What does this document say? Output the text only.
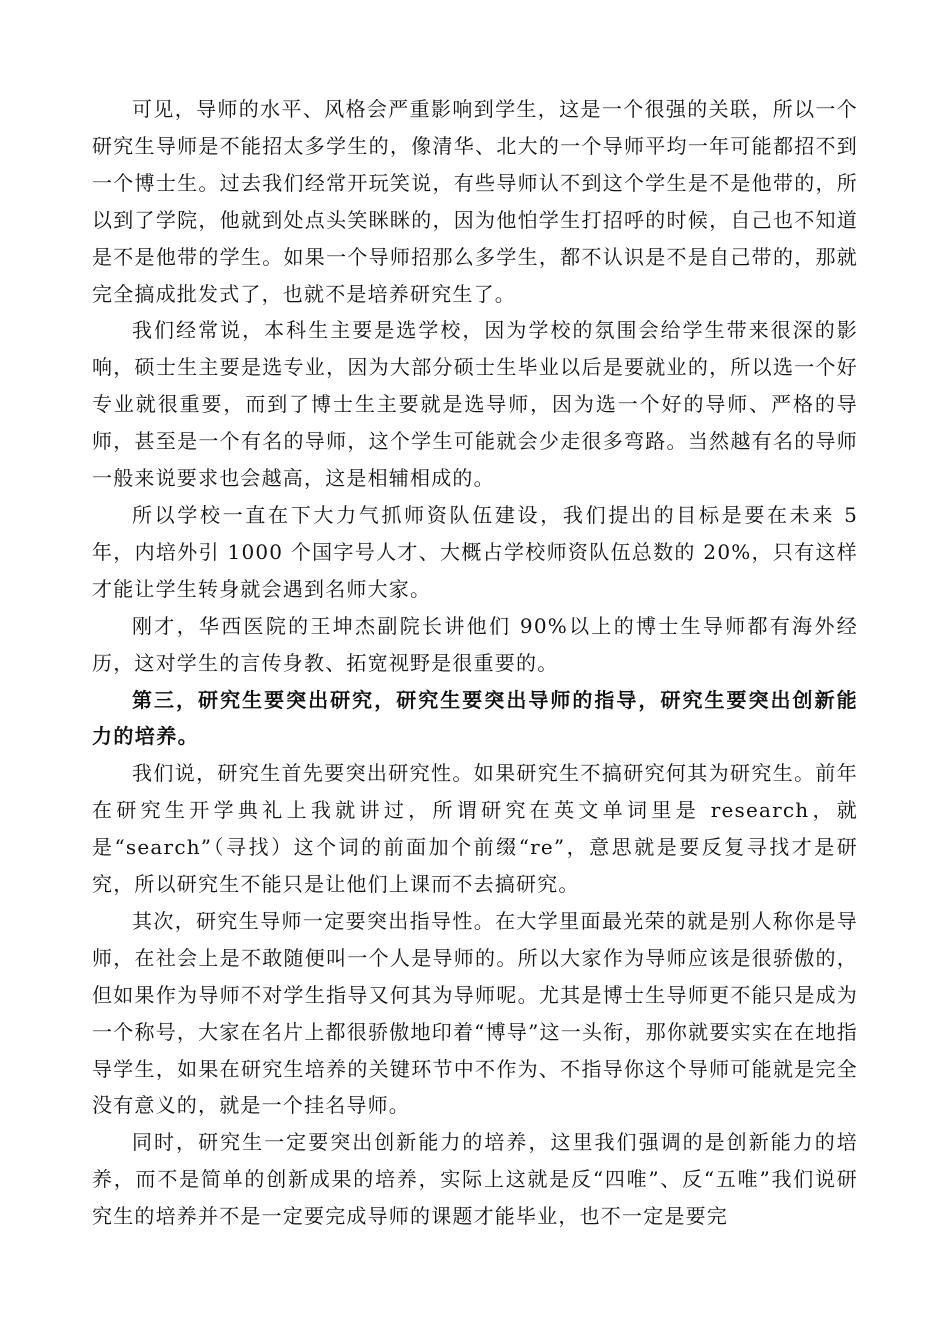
可见，导师的水平、风格会严重影响到学生，这是一个很强的关联，所以一个研究生导师是不能招太多学生的，像清华、北大的一个导师平均一年可能都招不到一个博士生。过去我们经常开玩笑说，有些导师认不到这个学生是不是他带的，所以到了学院，他就到处点头笑眯眯的，因为他怕学生打招呼的时候，自己也不知道是不是他带的学生。如果一个导师招那么多学生，都不认识是不是自己带的，那就完全搞成批发式了，也就不是培养研究生了。

我们经常说，本科生主要是选学校，因为学校的氛围会给学生带来很深的影响，硕士生主要是选专业，因为大部分硕士生毕业以后是要就业的，所以选一个好专业就很重要，而到了博士生主要就是选导师，因为选一个好的导师、严格的导师，甚至是一个有名的导师，这个学生可能就会少走很多弯路。当然越有名的导师一般来说要求也会越高，这是相辅相成的。

所以学校一直在下大力气抓师资队伍建设，我们提出的目标是要在未来 5 年，内培外引 1000 个国字号人才、大概占学校师资队伍总数的 20%，只有这样才能让学生转身就会遇到名师大家。

刚才，华西医院的王坤杰副院长讲他们 90%以上的博士生导师都有海外经历，这对学生的言传身教、拓宽视野是很重要的。

第三，研究生要突出研究，研究生要突出导师的指导，研究生要突出创新能力的培养。

我们说，研究生首先要突出研究性。如果研究生不搞研究何其为研究生。前年在研究生开学典礼上我就讲过，所谓研究在英文单词里是 research，就是“search”（寻找）这个词的前面加个前缀“re”，意思就是要反复寻找才是研究，所以研究生不能只是让他们上课而不去搞研究。

其次，研究生导师一定要突出指导性。在大学里面最光荣的就是别人称你是导师，在社会上是不敢随便叫一个人是导师的。所以大家作为导师应该是很骄傲的，但如果作为导师不对学生指导又何其为导师呢。尤其是博士生导师更不能只是成为一个称号，大家在名片上都很骄傲地印着“博导”这一头衔，那你就要实实在在地指导学生，如果在研究生培养的关键环节中不作为、不指导你这个导师可能就是完全没有意义的，就是一个挂名导师。

同时，研究生一定要突出创新能力的培养，这里我们强调的是创新能力的培养，而不是简单的创新成果的培养，实际上这就是反“四唯”、反“五唯”我们说研究生的培养并不是一定要完成导师的课题才能毕业，也不一定是要完
